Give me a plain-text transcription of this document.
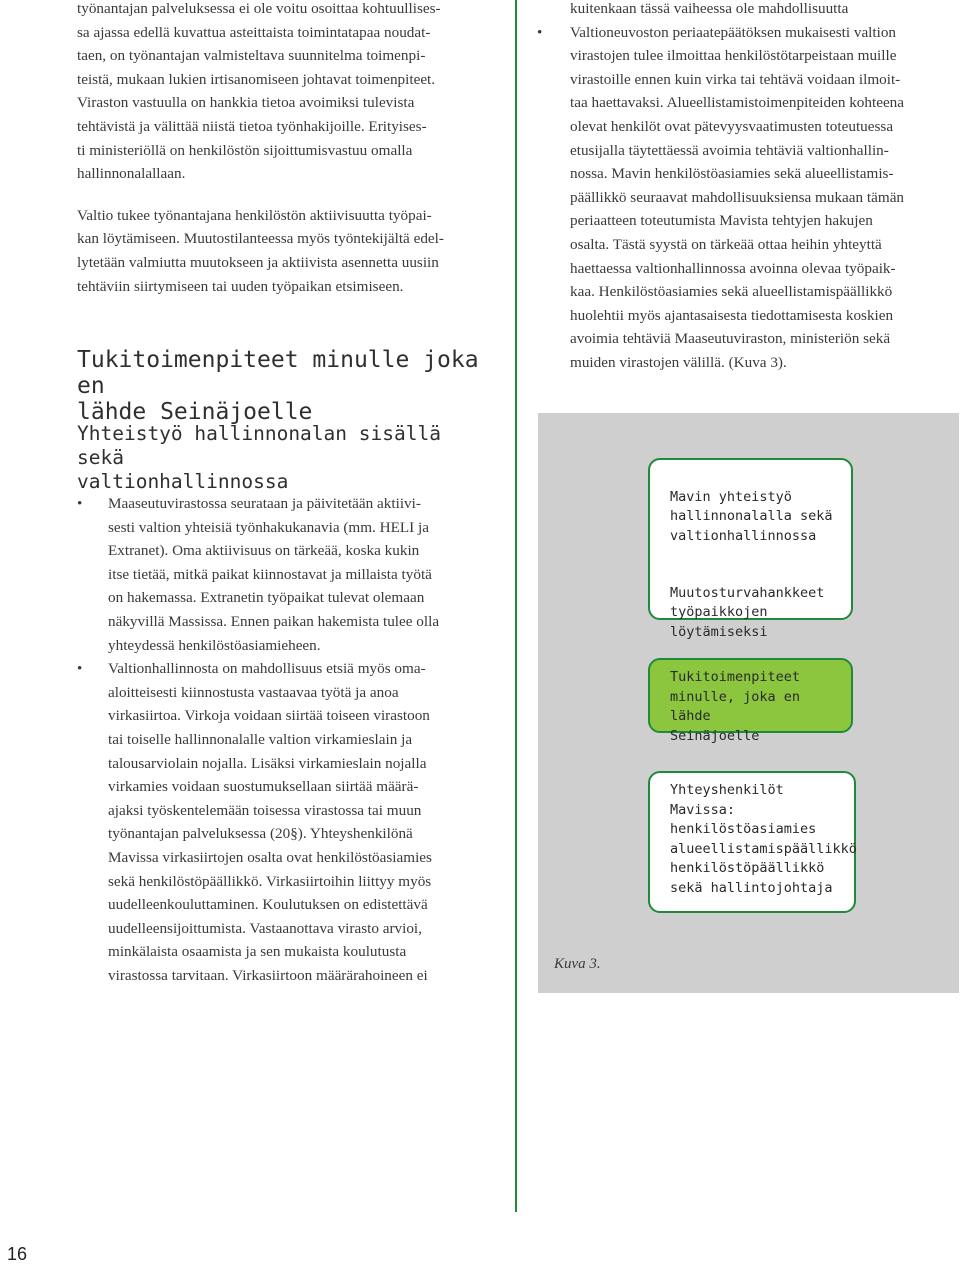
työnantajan palveluksessa ei ole voitu osoittaa kohtuullises-
sa ajassa edellä kuvattua asteittaista toimintatapaa noudat-
taen, on työnantajan valmisteltava suunnitelma toimenpi-
teistä, mukaan lukien irtisanomiseen johtavat toimenpiteet.
Viraston vastuulla on hankkia tietoa avoimiksi tulevista
tehtävistä ja välittää niistä tietoa työnhakijoille. Erityises-
ti ministeriöllä on henkilöstön sijoittumisvastuu omalla
hallinnonalallaan.

Valtio tukee työnantajana henkilöstön aktiivisuutta työpai-
kan löytämiseen. Muutostilanteessa myös työntekijältä edel-
lytetään valmiutta muutokseen ja aktiivista asennetta uusiin
tehtäviin siirtymiseen tai uuden työpaikan etsimiseen.

Tukitoimenpiteet minulle joka en
lähde Seinäjoelle
Yhteistyö hallinnonalan sisällä sekä
valtionhallinnossa
• Maaseutuvirastossa seurataan ja päivitetään aktiivi-
sesti valtion yhteisiä työnhakukanavia (mm. HELI ja
Extranet). Oma aktiivisuus on tärkeää, koska kukin
itse tietää, mitkä paikat kiinnostavat ja millaista työtä
on hakemassa. Extranetin työpaikat tulevat olemaan
näkyvillä Massissa. Ennen paikan hakemista tulee olla
yhteydessä henkilöstöasiamieheen.
• Valtionhallinnosta on mahdollisuus etsiä myös oma-
aloitteisesti kiinnostusta vastaavaa työtä ja anoa
virkasiirtoa. Virkoja voidaan siirtää toiseen virastoon
tai toiselle hallinnonalalle valtion virkamieslain ja
talousarviolain nojalla. Lisäksi virkamieslain nojalla
virkamies voidaan suostumuksellaan siirtää määrä-
ajaksi työskentelemään toisessa virastossa tai muun
työnantajan palveluksessa (20§). Yhteyshenkilönä
Mavissa virkasiirtojen osalta ovat henkilöstöasiamies
sekä henkilöstöpäällikkö. Virkasiirtoihin liittyy myös
uudelleenkouluttaminen. Koulutuksen on edistettävä
uudelleensijoittumista. Vastaanottava virasto arvioi,
minkälaista osaamista ja sen mukaista koulutusta
virastossa tarvitaan. Virkasiirtoon määrärahoineen ei
kuitenkaan tässä vaiheessa ole mahdollisuutta
• Valtioneuvoston periaatepäätöksen mukaisesti valtion
virastojen tulee ilmoittaa henkilöstötarpeistaan muille
virastoille ennen kuin virka tai tehtävä voidaan ilmoit-
taa haettavaksi. Alueellistamistoimenpiteiden kohteena
olevat henkilöt ovat pätevyysvaatimusten toteutuessa
etusijalla täytettäessä avoimia tehtäviä valtionhallin-
nossa. Mavin henkilöstöasiamies sekä alueellistamis-
päällikkö seuraavat mahdollisuuksiensa mukaan tämän
periaatteen toteutumista Mavista tehtyjen hakujen
osalta. Tästä syystä on tärkeää ottaa heihin yhteyttä
haettaessa valtionhallinnossa avoinna olevaa työpaik-
kaa. Henkilöstöasiamies sekä alueellistamispäällikkö
huolehtii myös ajantasaisesta tiedottamisesta koskien
avoimia tehtäviä Maaseutuviraston, ministeriön sekä
muiden virastojen välillä. (Kuva 3).

Mavin yhteistyö
hallinnonalalla sekä
valtionhallinnossa

Muutosturvahankkeet
työpaikkojen
löytämiseksi

Tukitoimenpiteet
minulle, joka en lähde
Seinäjoelle
Yhteyshenkilöt
Mavissa:
henkilöstöasiamies
alueellistamispäällikkö
henkilöstöpäällikkö
sekä hallintojohtaja
Kuva 3.
16
